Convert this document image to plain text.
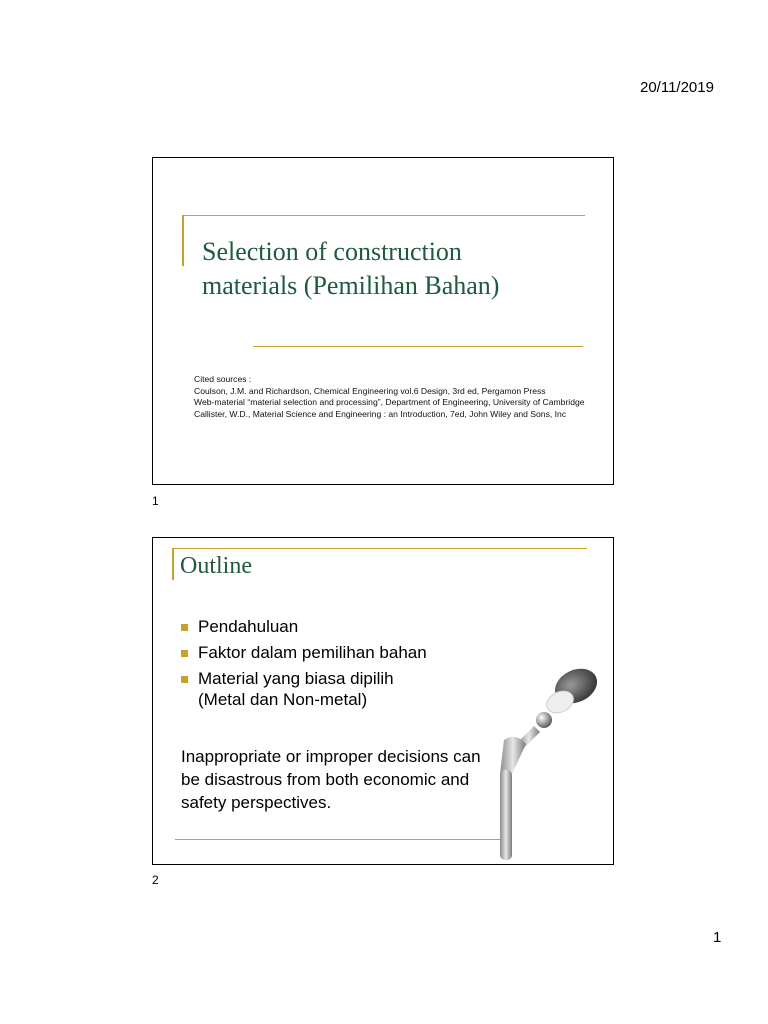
20/11/2019
Selection of construction
materials (Pemilihan Bahan)
Cited sources :
Coulson, J.M. and Richardson, Chemical Engineering vol.6 Design, 3rd ed, Pergamon Press
Web-material “material selection and processing”, Department of Engineering, University of Cambridge
Callister, W.D., Material Science and Engineering : an Introduction, 7ed, John Wiley and Sons, Inc
1
Outline
Pendahuluan
Faktor dalam pemilihan bahan
Material yang biasa dipilih
(Metal dan Non-metal)
Inappropriate or improper decisions can be disastrous from both economic and safety perspectives.
2
1
